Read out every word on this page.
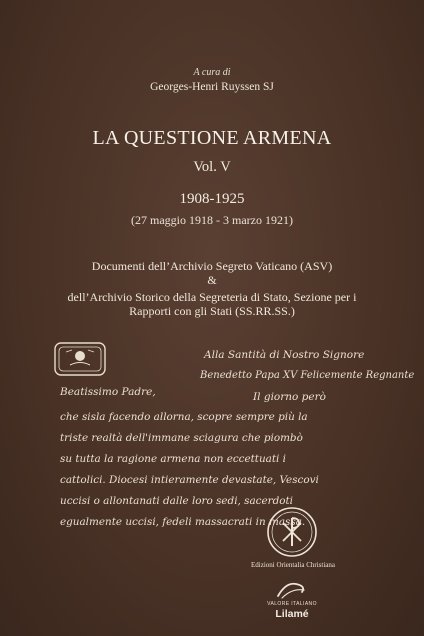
A cura di
Georges-Henri Ruyssen SJ
LA QUESTIONE ARMENA
Vol. V
1908-1925
(27 maggio 1918 - 3 marzo 1921)
Documenti dell’Archivio Segreto Vaticano (ASV)
&
dell’Archivio Storico della Segreteria di Stato, Sezione per i
Rapporti con gli Stati (SS.RR.SS.)
Alla Santità di Nostro Signore
Benedetto Papa XV Felicemente Regnante
Beatissimo Padre,	Il giorno però
che sisla facendo allorna, scopre sempre più la
triste realtà dell'immane sciagura che piombò
su tutta la ragione armena non eccettuati i
cattolici. Diocesi intieramente devastate, Vescovi
uccisi o allontanati dalle loro sedi, sacerdoti
egualmente uccisi, fedeli massacrati in massa.
Edizioni Orientalia Christiana
VALORE ITALIANO
Lilamé
